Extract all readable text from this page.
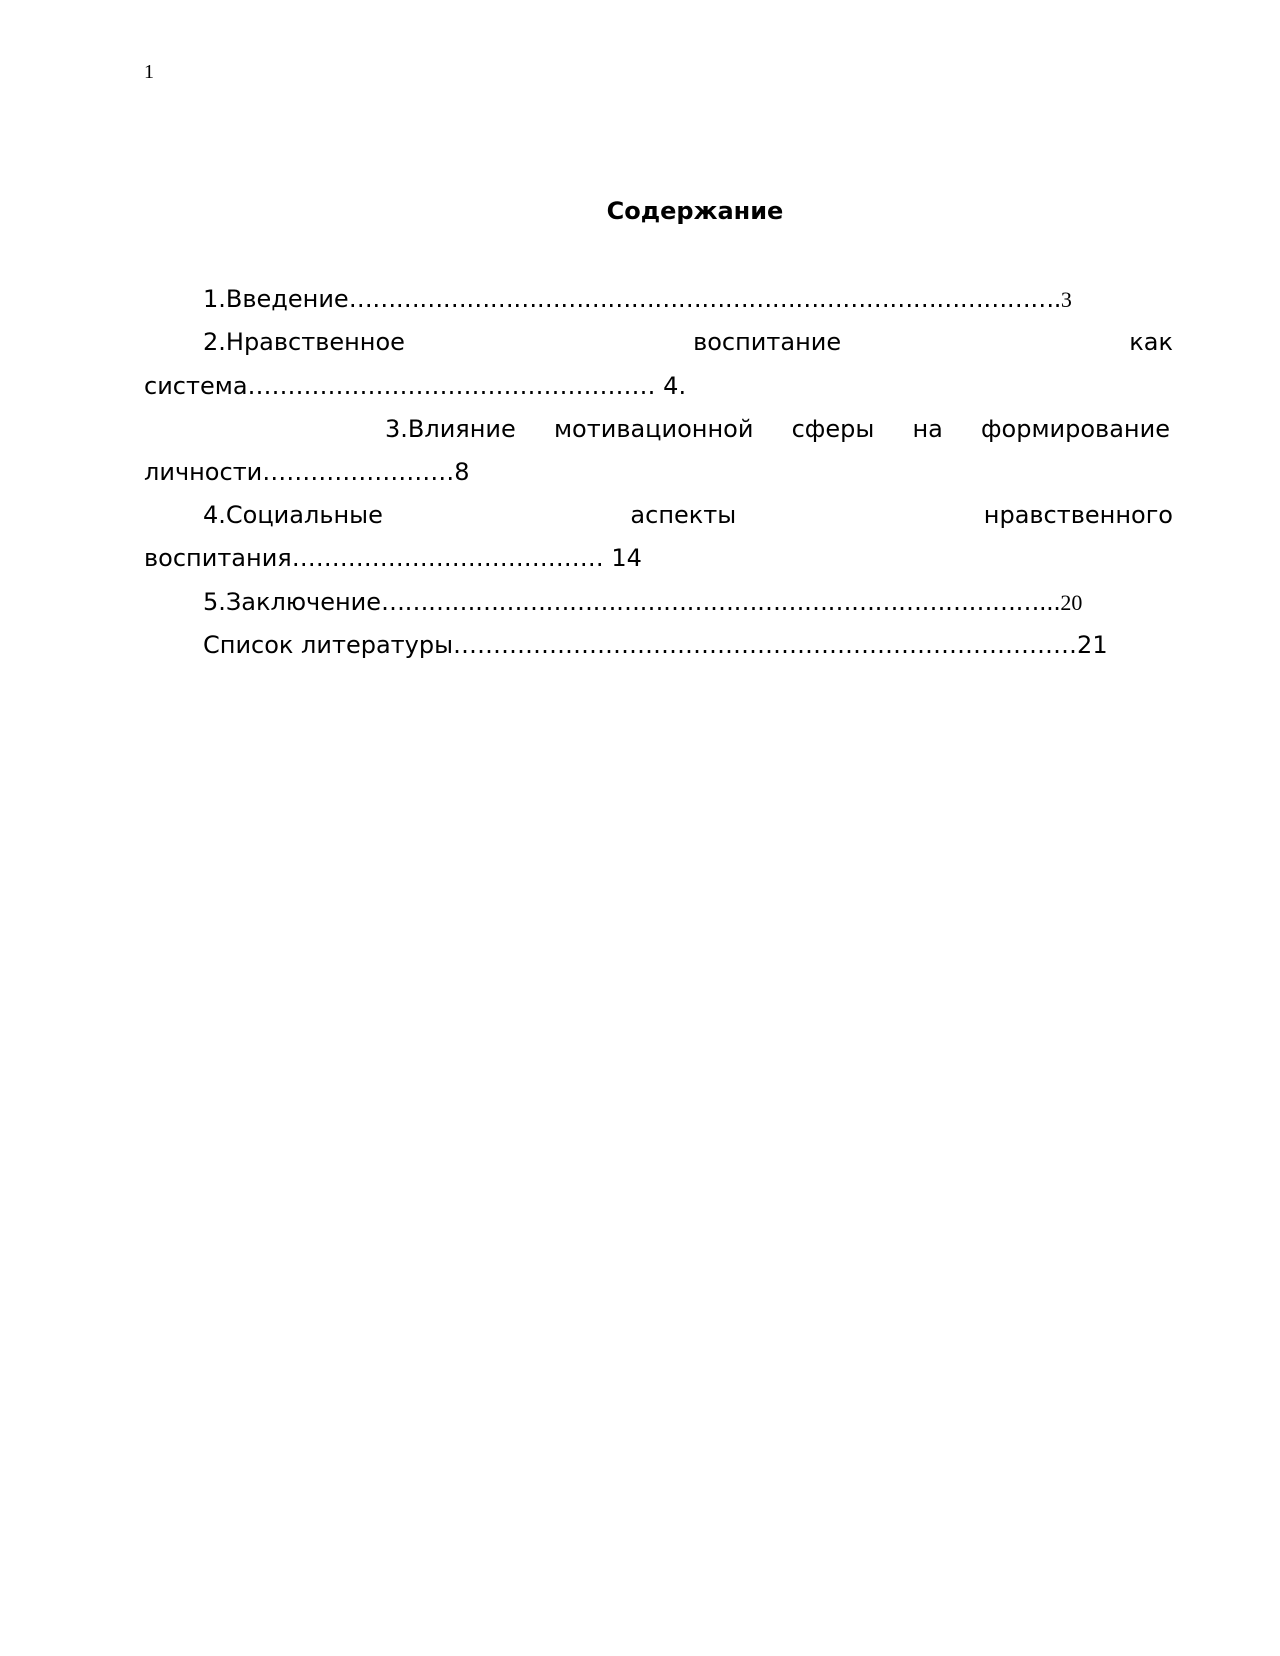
1
Содержание
1.Введение……………………………………………………………………………….3
2.Нравственное	воспитание	как
система…………………………………………… 4.
3.Влияние мотивационной сферы на формирование
личности……………………8
4.Социальные	аспекты	нравственного
воспитания………………………………… 14
5.Заключение…………………………………………………………………………...20
Список литературы……………………………………………………………………21
